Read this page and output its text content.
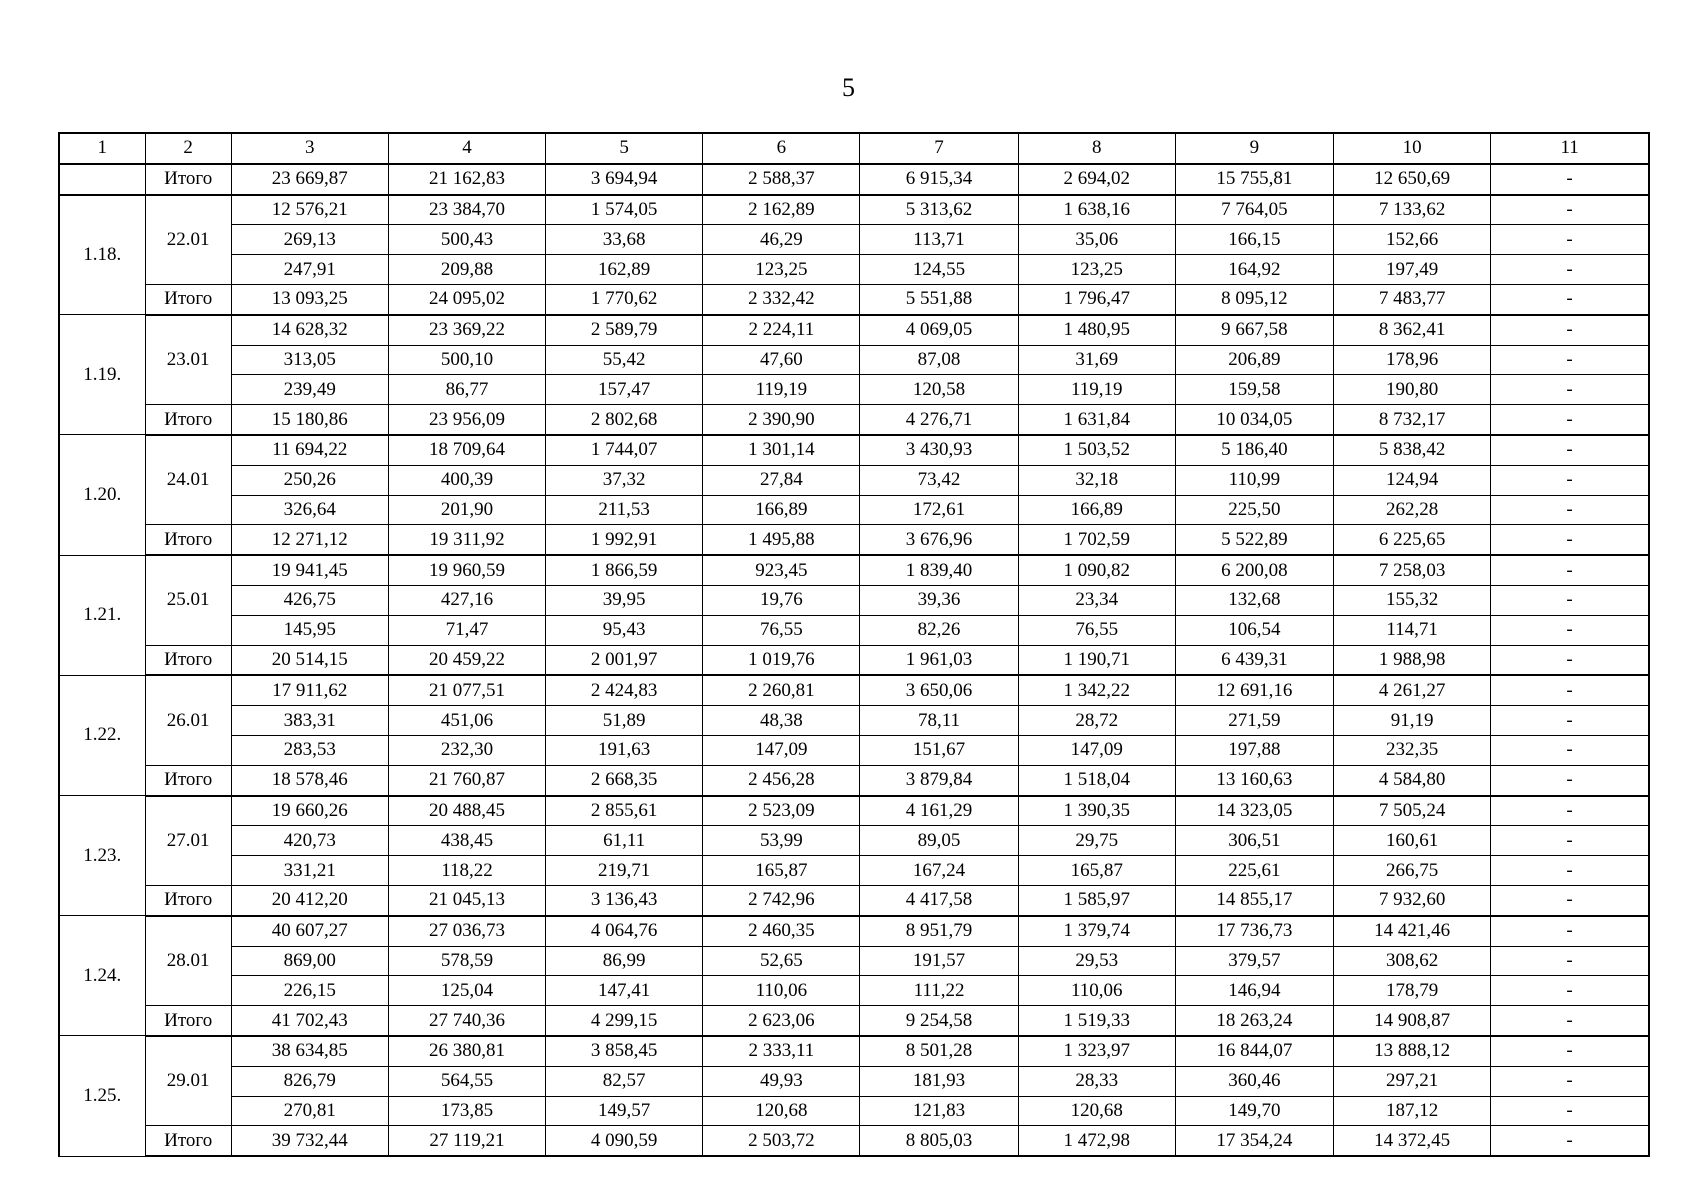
5
1	2	3	4	5	6	7	8	9	10	11
	Итого	23 669,87	21 162,83	3 694,94	2 588,37	6 915,34	2 694,02	15 755,81	12 650,69	-
1.18.	22.01	12 576,21	23 384,70	1 574,05	2 162,89	5 313,62	1 638,16	7 764,05	7 133,62	-
		269,13	500,43	33,68	46,29	113,71	35,06	166,15	152,66	-
		247,91	209,88	162,89	123,25	124,55	123,25	164,92	197,49	-
	Итого	13 093,25	24 095,02	1 770,62	2 332,42	5 551,88	1 796,47	8 095,12	7 483,77	-
1.19.	23.01	14 628,32	23 369,22	2 589,79	2 224,11	4 069,05	1 480,95	9 667,58	8 362,41	-
		313,05	500,10	55,42	47,60	87,08	31,69	206,89	178,96	-
		239,49	86,77	157,47	119,19	120,58	119,19	159,58	190,80	-
	Итого	15 180,86	23 956,09	2 802,68	2 390,90	4 276,71	1 631,84	10 034,05	8 732,17	-
1.20.	24.01	11 694,22	18 709,64	1 744,07	1 301,14	3 430,93	1 503,52	5 186,40	5 838,42	-
		250,26	400,39	37,32	27,84	73,42	32,18	110,99	124,94	-
		326,64	201,90	211,53	166,89	172,61	166,89	225,50	262,28	-
	Итого	12 271,12	19 311,92	1 992,91	1 495,88	3 676,96	1 702,59	5 522,89	6 225,65	-
1.21.	25.01	19 941,45	19 960,59	1 866,59	923,45	1 839,40	1 090,82	6 200,08	7 258,03	-
		426,75	427,16	39,95	19,76	39,36	23,34	132,68	155,32	-
		145,95	71,47	95,43	76,55	82,26	76,55	106,54	114,71	-
	Итого	20 514,15	20 459,22	2 001,97	1 019,76	1 961,03	1 190,71	6 439,31	1 988,98	-
1.22.	26.01	17 911,62	21 077,51	2 424,83	2 260,81	3 650,06	1 342,22	12 691,16	4 261,27	-
		383,31	451,06	51,89	48,38	78,11	28,72	271,59	91,19	-
		283,53	232,30	191,63	147,09	151,67	147,09	197,88	232,35	-
	Итого	18 578,46	21 760,87	2 668,35	2 456,28	3 879,84	1 518,04	13 160,63	4 584,80	-
1.23.	27.01	19 660,26	20 488,45	2 855,61	2 523,09	4 161,29	1 390,35	14 323,05	7 505,24	-
		420,73	438,45	61,11	53,99	89,05	29,75	306,51	160,61	-
		331,21	118,22	219,71	165,87	167,24	165,87	225,61	266,75	-
	Итого	20 412,20	21 045,13	3 136,43	2 742,96	4 417,58	1 585,97	14 855,17	7 932,60	-
1.24.	28.01	40 607,27	27 036,73	4 064,76	2 460,35	8 951,79	1 379,74	17 736,73	14 421,46	-
		869,00	578,59	86,99	52,65	191,57	29,53	379,57	308,62	-
		226,15	125,04	147,41	110,06	111,22	110,06	146,94	178,79	-
	Итого	41 702,43	27 740,36	4 299,15	2 623,06	9 254,58	1 519,33	18 263,24	14 908,87	-
1.25.	29.01	38 634,85	26 380,81	3 858,45	2 333,11	8 501,28	1 323,97	16 844,07	13 888,12	-
		826,79	564,55	82,57	49,93	181,93	28,33	360,46	297,21	-
		270,81	173,85	149,57	120,68	121,83	120,68	149,70	187,12	-
	Итого	39 732,44	27 119,21	4 090,59	2 503,72	8 805,03	1 472,98	17 354,24	14 372,45	-
